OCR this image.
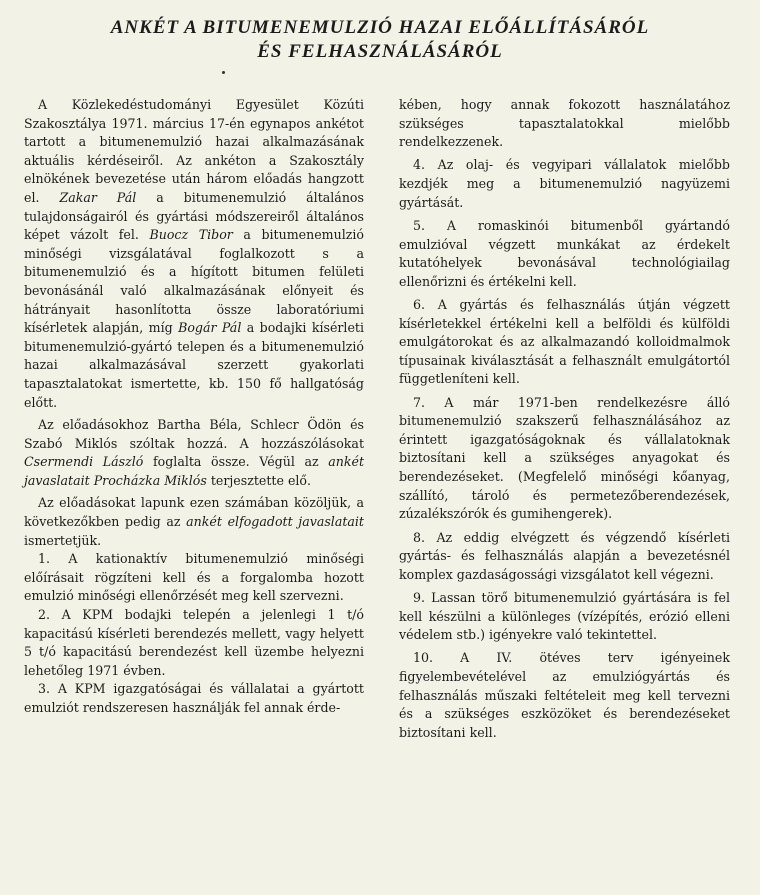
ANKÉT A BITUMENEMULZIÓ HAZAI ELŐÁLLÍTÁSÁRÓL
ÉS FELHASZNÁLÁSÁRÓL

A Közlekedéstudományi Egyesület Közúti Szakosztálya 1971. március 17-én egynapos ankétot tartott a bitumenemulzió hazai alkalmazásának aktuális kérdéseiről. Az ankéton a Szakosztály elnökének bevezetése után három előadás hangzott el. Zakar Pál a bitumenemulzió általános tulajdonságairól és gyártási módszereiről általános képet vázolt fel. Buocz Tibor a bitumenemulzió minőségi vizsgálatával foglalkozott s a bitumenemulzió és a hígított bitumen felületi bevonásánál való alkalmazásának előnyeit és hátrányait hasonlította össze laboratóriumi kísérletek alapján, míg Bogár Pál a bodajki kísérleti bitumenemulzió-gyártó telepen és a bitumenemulzió hazai alkalmazásával szerzett gyakorlati tapasztalatokat ismertette, kb. 150 fő hallgatóság előtt.

Az előadásokhoz Bartha Béla, Schlecr Ödön és Szabó Miklós szóltak hozzá. A hozzászólásokat Csermendi László foglalta össze. Végül az ankét javaslatait Procházka Miklós terjesztette elő.

Az előadásokat lapunk ezen számában közöljük, a következőkben pedig az ankét elfogadott javaslatait ismertetjük.

1. A kationaktív bitumenemulzió minőségi előírásait rögzíteni kell és a forgalomba hozott emulzió minőségi ellenőrzését meg kell szervezni.

2. A KPM bodajki telepén a jelenlegi 1 t/ó kapacitású kísérleti berendezés mellett, vagy helyett 5 t/ó kapacitású berendezést kell üzembe helyezni lehetőleg 1971 évben.

3. A KPM igazgatóságai és vállalatai a gyártott emulziót rendszeresen használják fel annak érde-

kében, hogy annak fokozott használatához szükséges tapasztalatokkal mielőbb rendelkezzenek.

4. Az olaj- és vegyipari vállalatok mielőbb kezdjék meg a bitumenemulzió nagyüzemi gyártását.

5. A romaskinói bitumenből gyártandó emulzióval végzett munkákat az érdekelt kutatóhelyek bevonásával technológiailag ellenőrizni és értékelni kell.

6. A gyártás és felhasználás útján végzett kísérletekkel értékelni kell a belföldi és külföldi emulgátorokat és az alkalmazandó kolloidmalmok típusainak kiválasztását a felhasznált emulgátortól függetleníteni kell.

7. A már 1971-ben rendelkezésre álló bitumenemulzió szakszerű felhasználásához az érintett igazgatóságoknak és vállalatoknak biztosítani kell a szükséges anyagokat és berendezéseket. (Megfelelő minőségi kőanyag, szállító, tároló és permetezőberendezések, zúzalékszórók és gumihengerek).

8. Az eddig elvégzett és végzendő kísérleti gyártás- és felhasználás alapján a bevezetésnél komplex gazdaságossági vizsgálatot kell végezni.

9. Lassan törő bitumenemulzió gyártására is fel kell készülni a különleges (vízépítés, erózió elleni védelem stb.) igényekre való tekintettel.

10. A IV. ötéves terv igényeinek figyelembevételével az emulziógyártás és felhasználás műszaki feltételeit meg kell tervezni és a szükséges eszközöket és berendezéseket biztosítani kell.
